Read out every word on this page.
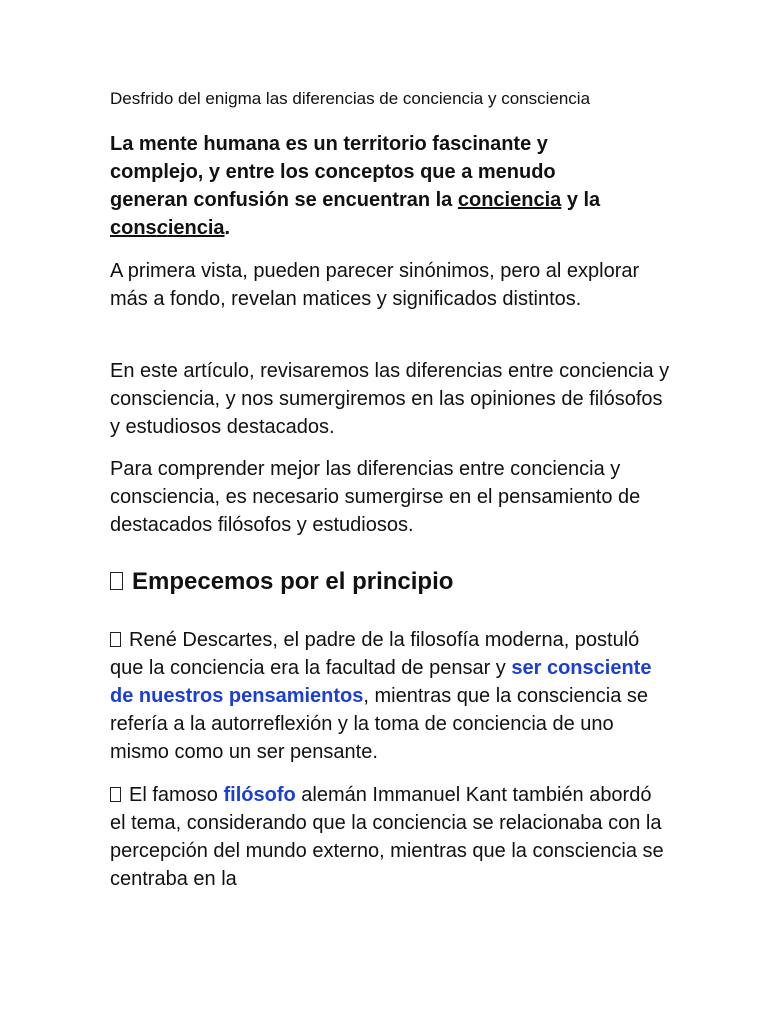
Desfrido del enigma las diferencias de conciencia y consciencia

La mente humana es un territorio fascinante y complejo, y entre los conceptos que a menudo generan confusión se encuentran la conciencia y la consciencia.

A primera vista, pueden parecer sinónimos, pero al explorar más a fondo, revelan matices y significados distintos.

En este artículo, revisaremos las diferencias entre conciencia y consciencia, y nos sumergiremos en las opiniones de filósofos y estudiosos destacados.

Para comprender mejor las diferencias entre conciencia y consciencia, es necesario sumergirse en el pensamiento de destacados filósofos y estudiosos.

Empecemos por el principio

René Descartes, el padre de la filosofía moderna, postuló que la conciencia era la facultad de pensar y ser consciente de nuestros pensamientos, mientras que la consciencia se refería a la autorreflexión y la toma de conciencia de uno mismo como un ser pensante.

El famoso filósofo alemán Immanuel Kant también abordó el tema, considerando que la conciencia se relacionaba con la percepción del mundo externo, mientras que la consciencia se centraba en la
